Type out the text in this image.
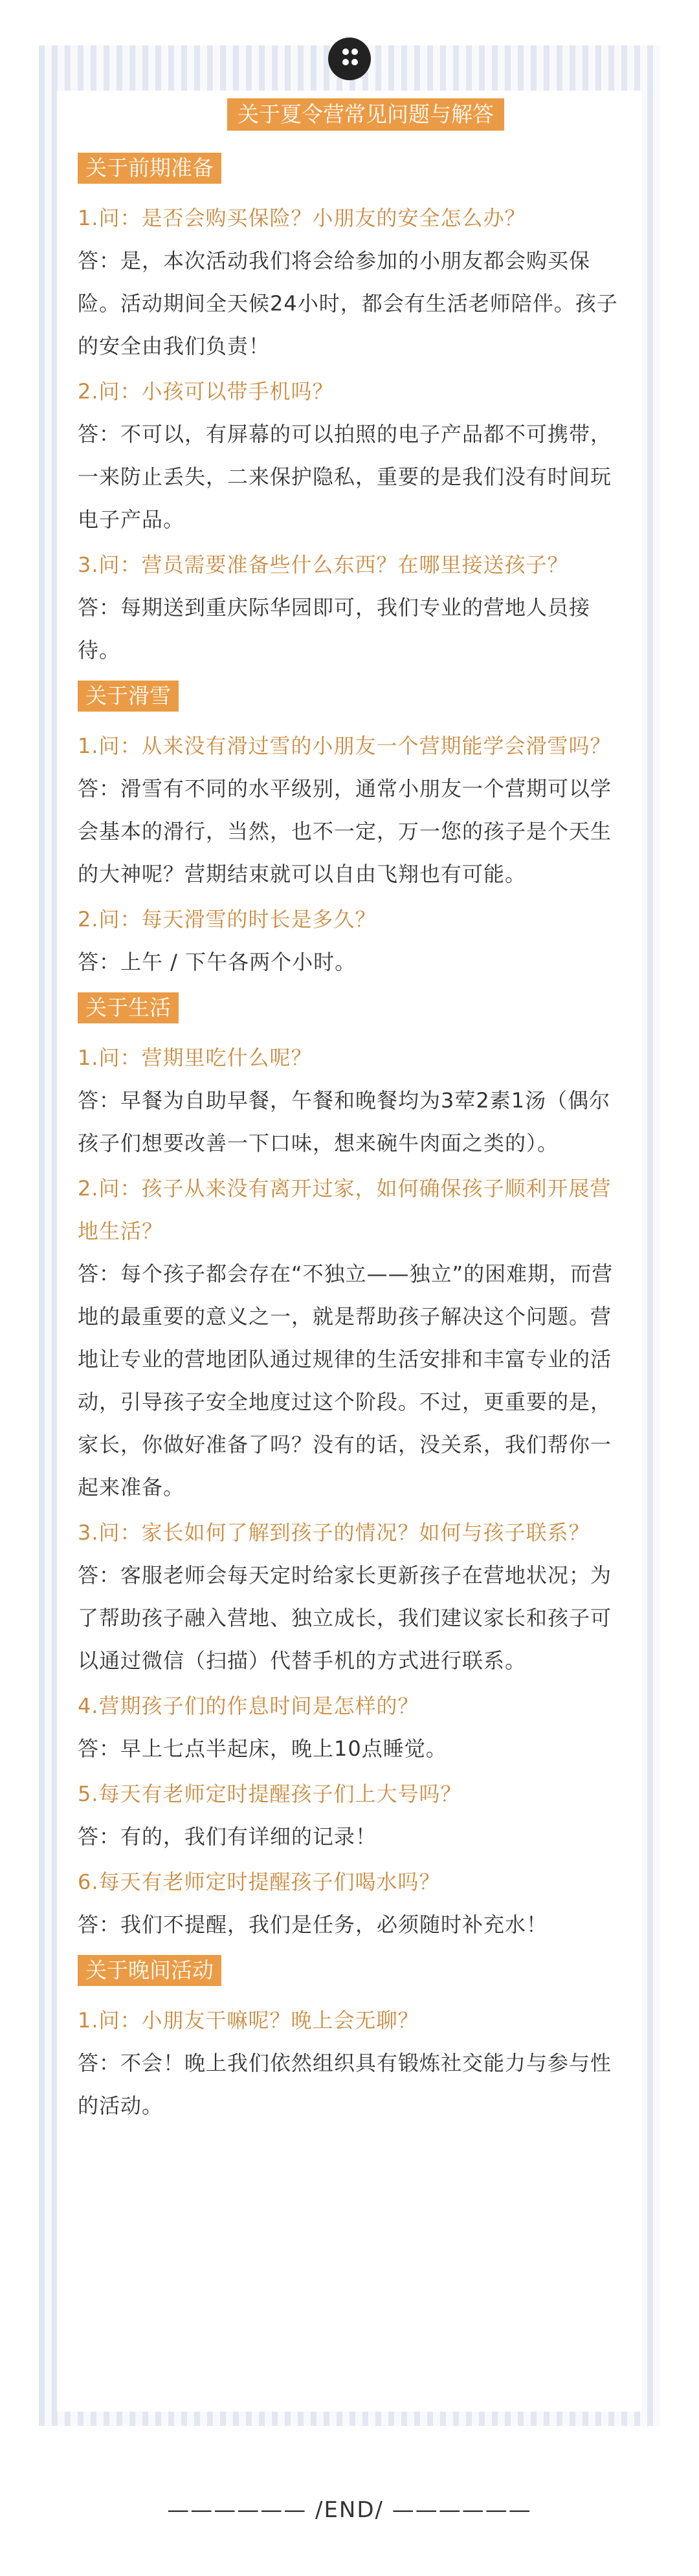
关于夏令营常见问题与解答
关于前期准备

1.问：是否会购买保险？小朋友的安全怎么办？

答：是，本次活动我们将会给参加的小朋友都会购买保险。活动期间全天候24小时，都会有生活老师陪伴。孩子的安全由我们负责！

2.问：小孩可以带手机吗？

答：不可以，有屏幕的可以拍照的电子产品都不可携带，一来防止丢失，二来保护隐私，重要的是我们没有时间玩电子产品。

3.问：营员需要准备些什么东西？在哪里接送孩子？

答：每期送到重庆际华园即可，我们专业的营地人员接待。

关于滑雪

1.问：从来没有滑过雪的小朋友一个营期能学会滑雪吗？

答：滑雪有不同的水平级别，通常小朋友一个营期可以学会基本的滑行，当然，也不一定，万一您的孩子是个天生的大神呢？营期结束就可以自由飞翔也有可能。

2.问：每天滑雪的时长是多久？

答：上午 / 下午各两个小时。

关于生活

1.问：营期里吃什么呢？

答：早餐为自助早餐，午餐和晚餐均为3荤2素1汤（偶尔孩子们想要改善一下口味，想来碗牛肉面之类的）。

2.问：孩子从来没有离开过家，如何确保孩子顺利开展营地生活？

答：每个孩子都会存在“不独立——独立”的困难期，而营地的最重要的意义之一，就是帮助孩子解决这个问题。营地让专业的营地团队通过规律的生活安排和丰富专业的活动，引导孩子安全地度过这个阶段。不过，更重要的是，家长，你做好准备了吗？没有的话，没关系，我们帮你一起来准备。

3.问：家长如何了解到孩子的情况？如何与孩子联系？

答：客服老师会每天定时给家长更新孩子在营地状况；为了帮助孩子融入营地、独立成长，我们建议家长和孩子可以通过微信（扫描）代替手机的方式进行联系。

4.营期孩子们的作息时间是怎样的？

答：早上七点半起床，晚上10点睡觉。

5.每天有老师定时提醒孩子们上大号吗？

答：有的，我们有详细的记录！

6.每天有老师定时提醒孩子们喝水吗？

答：我们不提醒，我们是任务，必须随时补充水！

关于晚间活动

1.问：小朋友干嘛呢？晚上会无聊？

答：不会！晚上我们依然组织具有锻炼社交能力与参与性的活动。

—————— /END/ ——————
